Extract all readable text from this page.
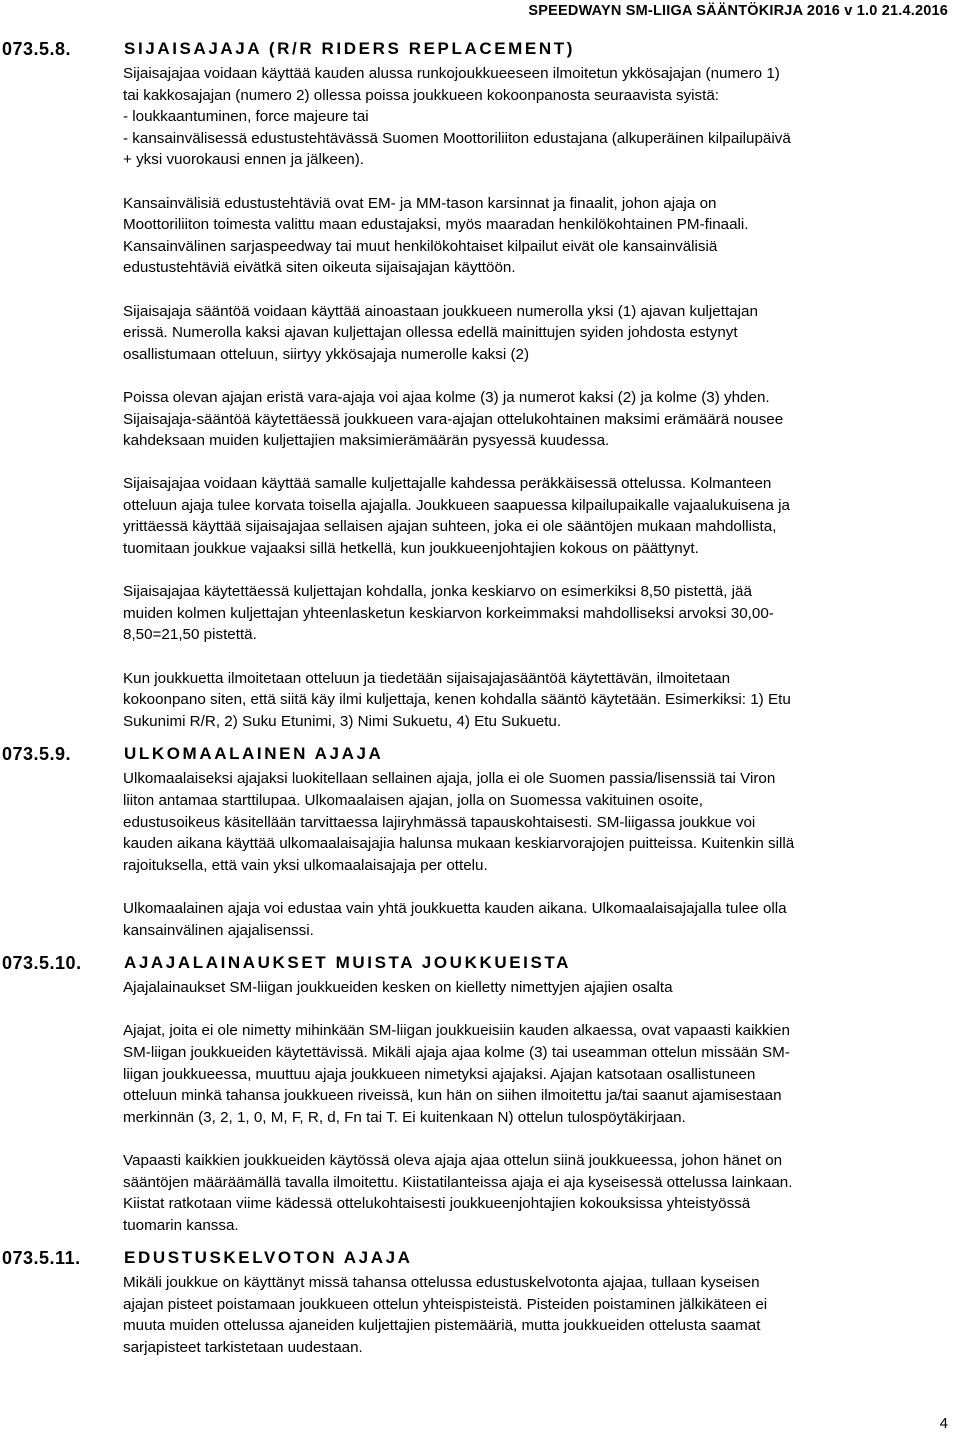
SPEEDWAYN SM-LIIGA SÄÄNTÖKIRJA 2016 v 1.0 21.4.2016
073.5.8.	SIJAISAJAJA (R/R RIDERS REPLACEMENT)

Sijaisajajaa voidaan käyttää kauden alussa runkojoukkueeseen ilmoitetun ykkösajajan (numero 1)
tai kakkosajajan (numero 2) ollessa poissa joukkueen kokoonpanosta seuraavista syistä:
- loukkaantuminen, force majeure tai
- kansainvälisessä edustustehtävässä Suomen Moottoriliiton edustajana (alkuperäinen kilpailupäivä
+ yksi vuorokausi ennen ja jälkeen).

Kansainvälisiä edustustehtäviä ovat EM- ja MM-tason karsinnat ja finaalit, johon ajaja on
Moottoriliiton toimesta valittu maan edustajaksi, myös maaradan henkilökohtainen PM-finaali.
Kansainvälinen sarjaspeedway tai muut henkilökohtaiset kilpailut eivät ole kansainvälisiä
edustustehtäviä eivätkä siten oikeuta sijaisajajan käyttöön.

Sijaisajaja sääntöä voidaan käyttää ainoastaan joukkueen numerolla yksi (1) ajavan kuljettajan
erissä. Numerolla kaksi ajavan kuljettajan ollessa edellä mainittujen syiden johdosta estynyt
osallistumaan otteluun, siirtyy ykkösajaja numerolle kaksi (2)

Poissa olevan ajajan eristä vara-ajaja voi ajaa kolme (3) ja numerot kaksi (2) ja kolme (3) yhden.
Sijaisajaja-sääntöä käytettäessä joukkueen vara-ajajan ottelukohtainen maksimi erämäärä nousee
kahdeksaan muiden kuljettajien maksimierämäärän pysyessä kuudessa.

Sijaisajajaa voidaan käyttää samalle kuljettajalle kahdessa peräkkäisessä ottelussa. Kolmanteen
otteluun ajaja tulee korvata toisella ajajalla. Joukkueen saapuessa kilpailupaikalle vajaalukuisena ja
yrittäessä käyttää sijaisajajaa sellaisen ajajan suhteen, joka ei ole sääntöjen mukaan mahdollista,
tuomitaan joukkue vajaaksi sillä hetkellä, kun joukkueenjohtajien kokous on päättynyt.

Sijaisajajaa käytettäessä kuljettajan kohdalla, jonka keskiarvo on esimerkiksi 8,50 pistettä, jää
muiden kolmen kuljettajan yhteenlasketun keskiarvon korkeimmaksi mahdolliseksi arvoksi 30,00-
8,50=21,50 pistettä.

Kun joukkuetta ilmoitetaan otteluun ja tiedetään sijaisajajasääntöä käytettävän, ilmoitetaan
kokoonpano siten, että siitä käy ilmi kuljettaja, kenen kohdalla sääntö käytetään. Esimerkiksi: 1) Etu
Sukunimi R/R, 2) Suku Etunimi, 3) Nimi Sukuetu, 4) Etu Sukuetu.

073.5.9.	ULKOMAALAINEN AJAJA

Ulkomaalaiseksi ajajaksi luokitellaan sellainen ajaja, jolla ei ole Suomen passia/lisenssiä tai Viron
liiton antamaa starttilupaa. Ulkomaalaisen ajajan, jolla on Suomessa vakituinen osoite,
edustusoikeus käsitellään tarvittaessa lajiryhmässä tapauskohtaisesti. SM-liigassa joukkue voi
kauden aikana käyttää ulkomaalaisajajia halunsa mukaan keskiarvorajojen puitteissa. Kuitenkin sillä
rajoituksella, että vain yksi ulkomaalaisajaja per ottelu.

Ulkomaalainen ajaja voi edustaa vain yhtä joukkuetta kauden aikana. Ulkomaalaisajajalla tulee olla
kansainvälinen ajajalisenssi.

073.5.10. AJAJALAINAUKSET MUISTA JOUKKUEISTA

Ajajalainaukset SM-liigan joukkueiden kesken on kielletty nimettyjen ajajien osalta

Ajajat, joita ei ole nimetty mihinkään SM-liigan joukkueisiin kauden alkaessa, ovat vapaasti kaikkien
SM-liigan joukkueiden käytettävissä. Mikäli ajaja ajaa kolme (3) tai useamman ottelun missään SM-
liigan joukkueessa, muuttuu ajaja joukkueen nimetyksi ajajaksi. Ajajan katsotaan osallistuneen
otteluun minkä tahansa joukkueen riveissä, kun hän on siihen ilmoitettu ja/tai saanut ajamisestaan
merkinnän (3, 2, 1, 0, M, F, R, d, Fn tai T. Ei kuitenkaan N) ottelun tulospöytäkirjaan.

Vapaasti kaikkien joukkueiden käytössä oleva ajaja ajaa ottelun siinä joukkueessa, johon hänet on
sääntöjen määräämällä tavalla ilmoitettu. Kiistatilanteissa ajaja ei aja kyseisessä ottelussa lainkaan.
Kiistat ratkotaan viime kädessä ottelukohtaisesti joukkueenjohtajien kokouksissa yhteistyössä
tuomarin kanssa.

073.5.11.	EDUSTUSKELVOTON AJAJA

Mikäli joukkue on käyttänyt missä tahansa ottelussa edustuskelvotonta ajajaa, tullaan kyseisen
ajajan pisteet poistamaan joukkueen ottelun yhteispisteistä. Pisteiden poistaminen jälkikäteen ei
muuta muiden ottelussa ajaneiden kuljettajien pistemääriä, mutta joukkueiden ottelusta saamat
sarjapisteet tarkistetaan uudestaan.

4
